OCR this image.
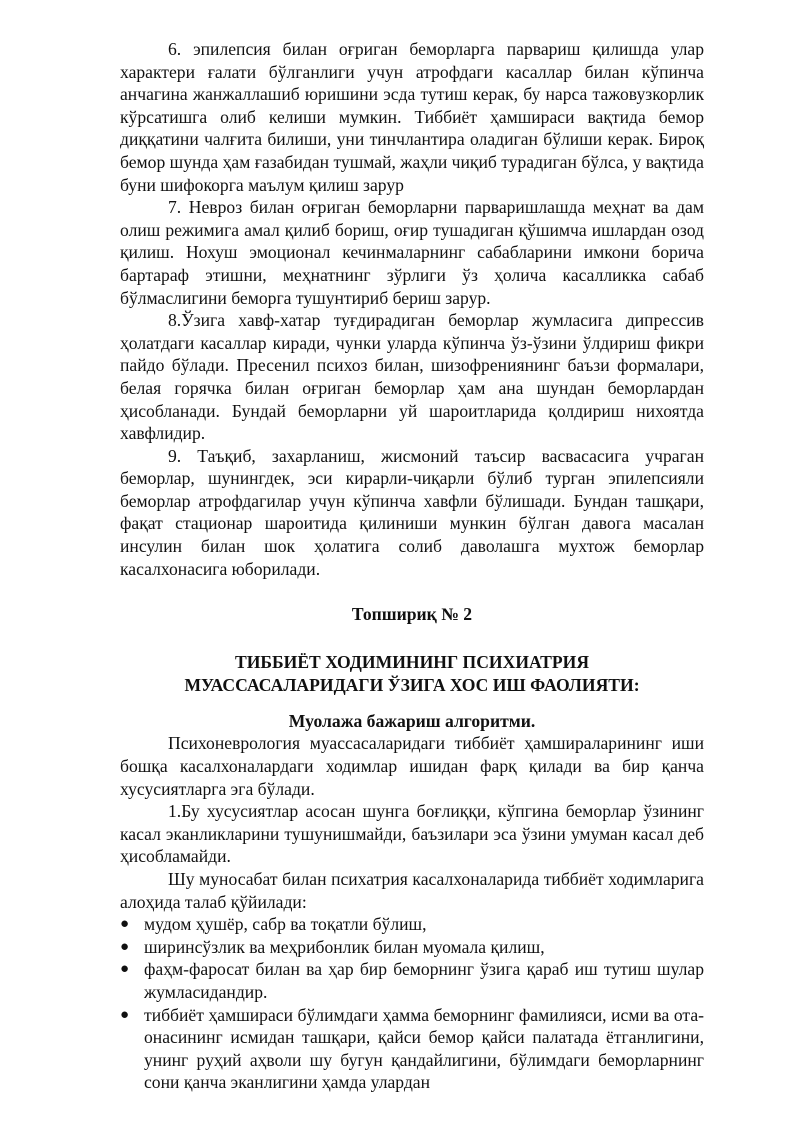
6. эпилепсия билан оғриган беморларга парвариш қилишда улар характери ғалати бўлганлиги учун атрофдаги касаллар билан кўпинча анчагина жанжаллашиб юришини эсда тутиш керак, бу нарса тажовузкорлик кўрсатишга олиб келиши мумкин. Тиббиёт ҳамшираси вақтида бемор диққатини чалғита билиши, уни тинчлантира оладиган бўлиши керак. Бироқ бемор шунда ҳам ғазабидан тушмай, жаҳли чиқиб турадиган бўлса, у вақтида буни шифокорга маълум қилиш зарур

7. Невроз билан оғриган беморларни парваришлашда меҳнат ва дам олиш режимига амал қилиб бориш, оғир тушадиган қўшимча ишлардан озод қилиш. Нохуш эмоционал кечинмаларнинг сабабларини имкони борича бартараф этишни, меҳнатнинг зўрлиги ўз ҳолича касалликка сабаб бўлмаслигини беморга тушунтириб бериш зарур.

8.Ўзига хавф-хатар туғдирадиган беморлар жумласига дипрессив ҳолатдаги касаллар киради, чунки уларда кўпинча ўз-ўзини ўлдириш фикри пайдо бўлади. Пресенил психоз билан, шизофрениянинг баъзи формалари, белая горячка билан оғриган беморлар ҳам ана шундан беморлардан ҳисобланади. Бундай беморларни уй шароитларида қолдириш нихоятда хавфлидир.

9. Таъқиб, захарланиш, жисмоний таъсир васвасасига учраган беморлар, шунингдек, эси кирарли-чиқарли бўлиб турган эпилепсияли беморлар атрофдагилар учун кўпинча хавфли бўлишади. Бундан ташқари, фақат стационар шароитида қилиниши мункин бўлган давога масалан инсулин билан шок ҳолатига солиб даволашга мухтож беморлар касалхонасига юборилади.

Топшириқ № 2

ТИББИЁТ ХОДИМИНИНГ ПСИХИАТРИЯ

МУАССАСАЛАРИДАГИ ЎЗИГА ХОС ИШ ФАОЛИЯТИ:

Муолажа бажариш алгоритми.

Психоневрология муассасаларидаги тиббиёт ҳамшираларининг иши бошқа касалхоналардаги ходимлар ишидан фарқ қилади ва бир қанча хусусиятларга эга бўлади.

1.Бу хусусиятлар асосан шунга боғлиққи, кўпгина беморлар ўзининг касал эканликларини тушунишмайди, баъзилари эса ўзини умуман касал деб ҳисобламайди.

Шу муносабат билан психатрия касалхоналарида тиббиёт ходимларига алоҳида талаб қўйилади:

● мудом ҳушёр, сабр ва тоқатли бўлиш,
● ширинсўзлик ва меҳрибонлик билан муомала қилиш,
● фаҳм-фаросат билан ва ҳар бир беморнинг ўзига қараб иш тутиш шулар жумласидандир.
● тиббиёт ҳамшираси бўлимдаги ҳамма беморнинг фамилияси, исми ва ота-онасининг исмидан ташқари, қайси бемор қайси палатада ётганлигини, унинг руҳий аҳволи шу бугун қандайлигини, бўлимдаги беморларнинг сони қанча эканлигини ҳамда улардан
